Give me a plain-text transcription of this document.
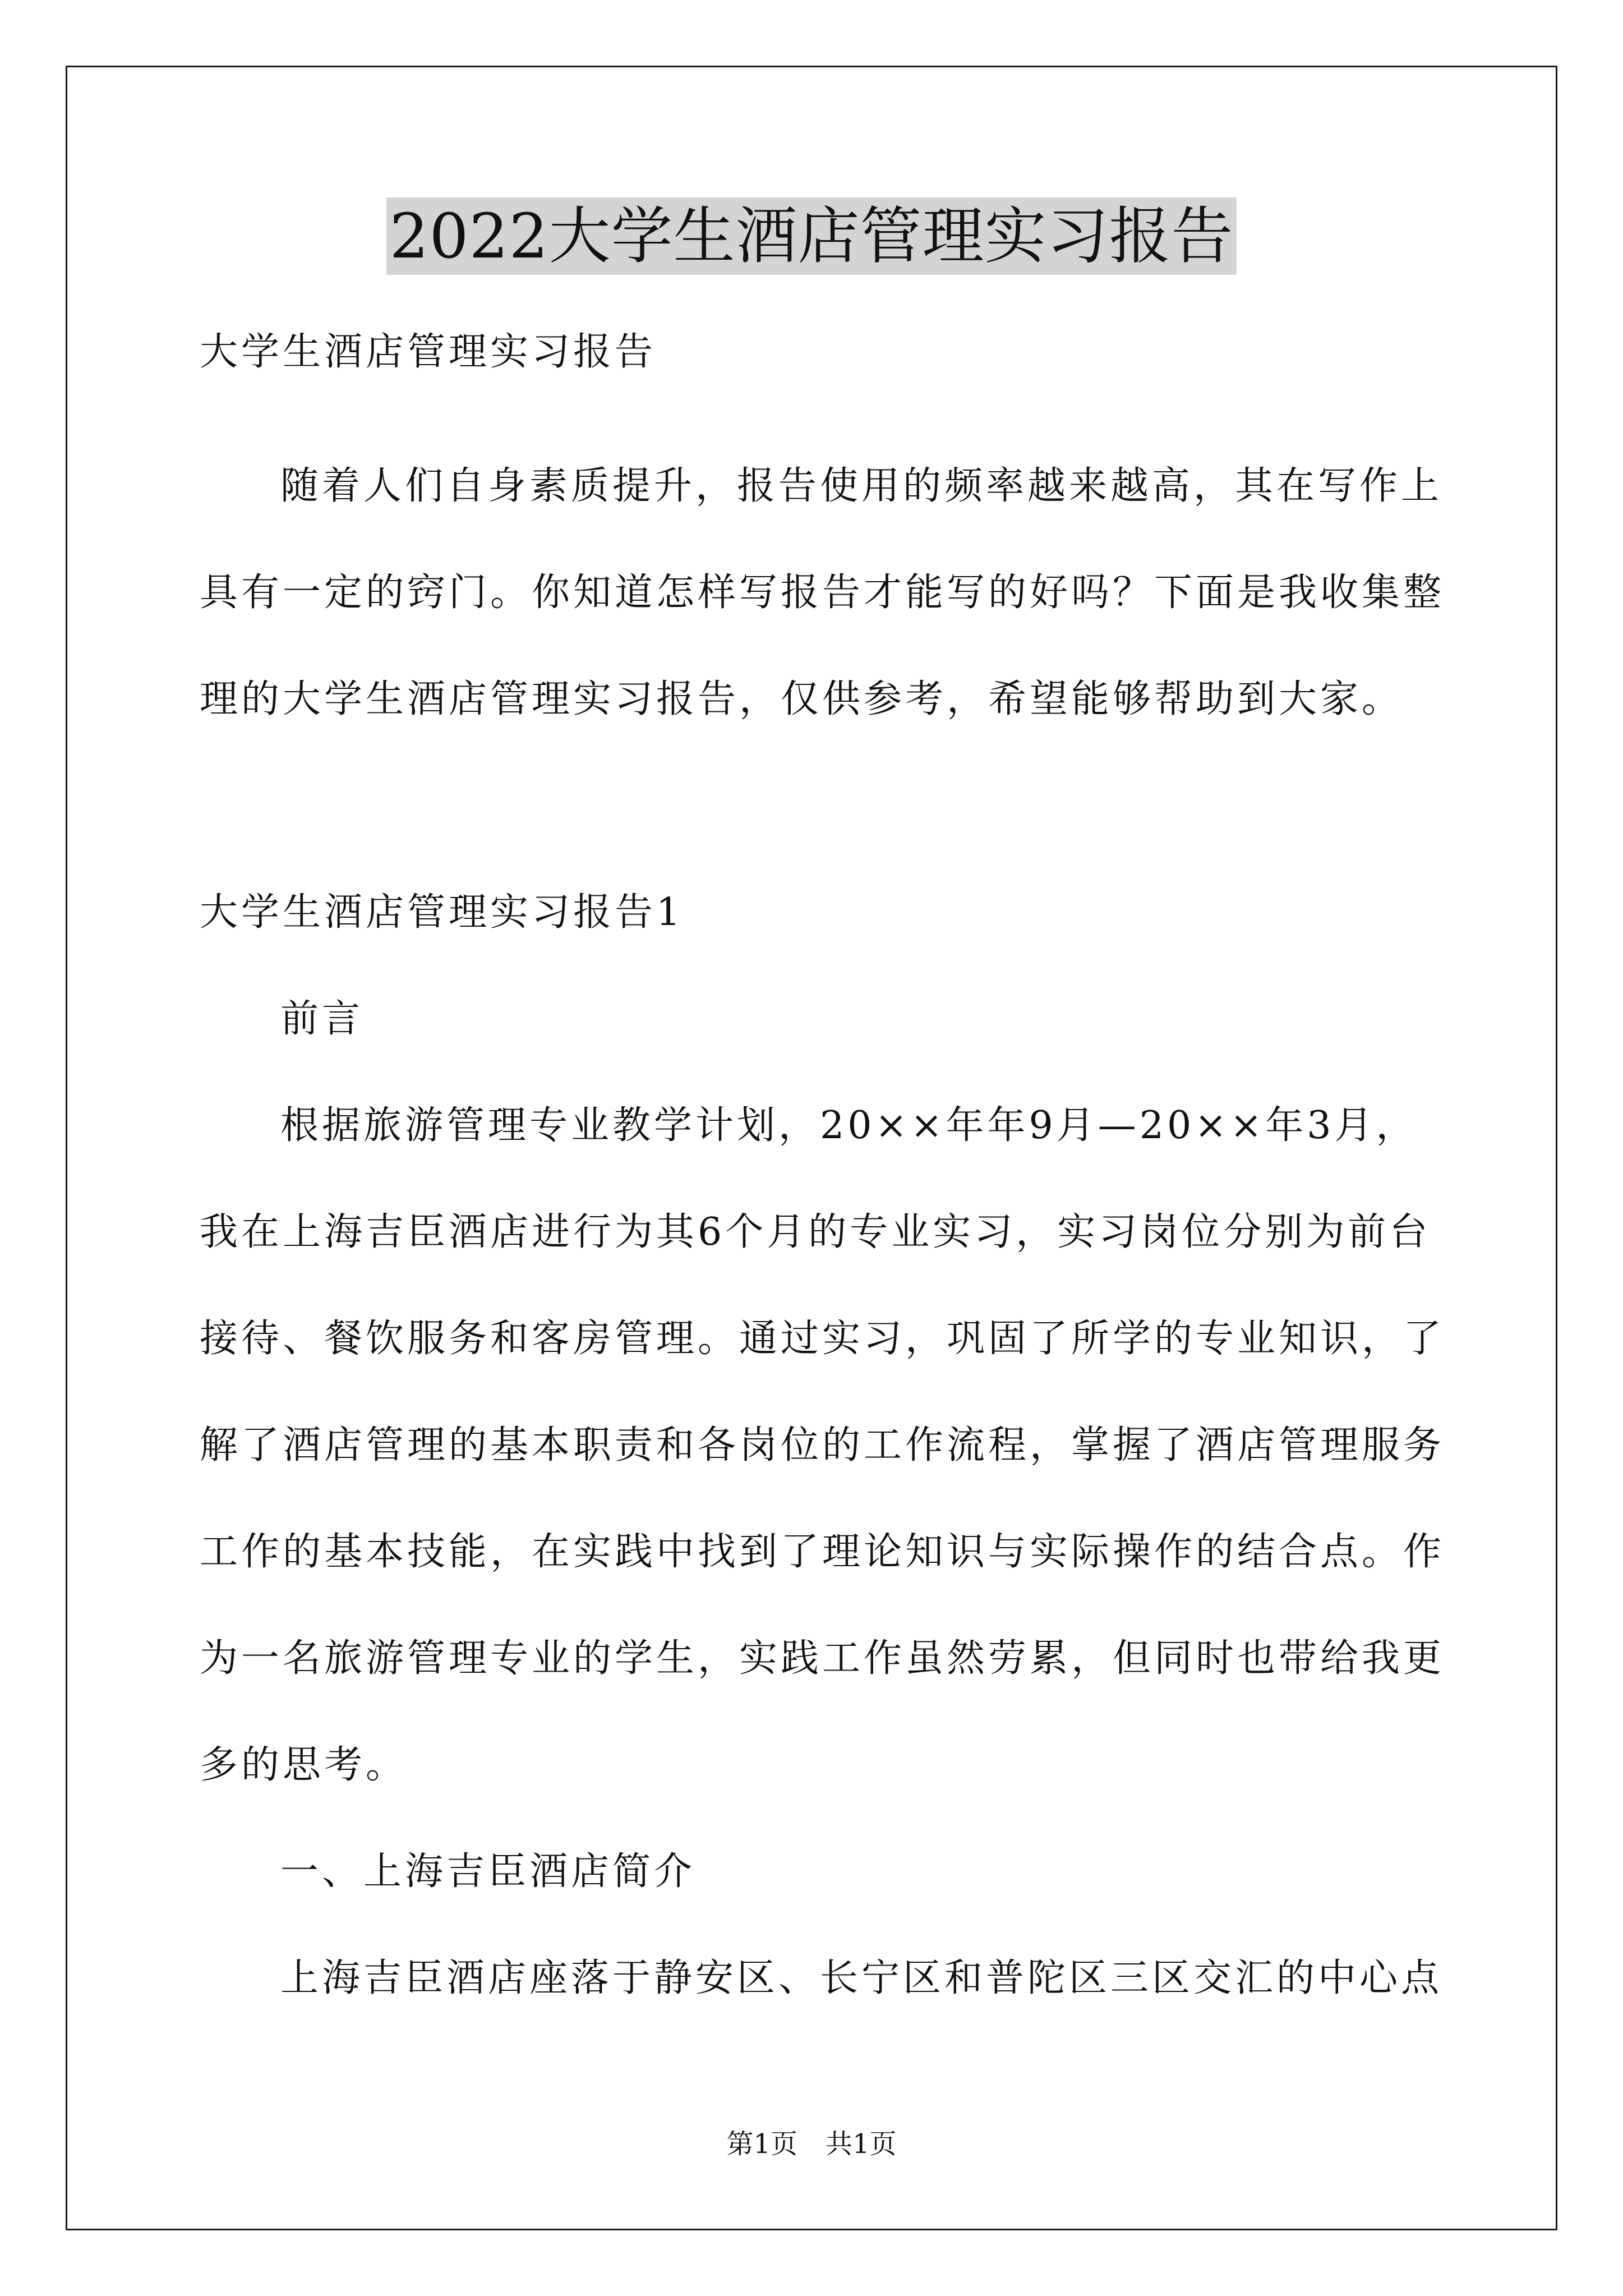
2022大学生酒店管理实习报告

大学生酒店管理实习报告

随着人们自身素质提升，报告使用的频率越来越高，其在写作上

具有一定的窍门。你知道怎样写报告才能写的好吗？下面是我收集整

理的大学生酒店管理实习报告，仅供参考，希望能够帮助到大家。

大学生酒店管理实习报告1

前言

根据旅游管理专业教学计划，20××年年9月—20××年3月，

我在上海吉臣酒店进行为其6个月的专业实习，实习岗位分别为前台

接待、餐饮服务和客房管理。通过实习，巩固了所学的专业知识，了

解了酒店管理的基本职责和各岗位的工作流程，掌握了酒店管理服务

工作的基本技能，在实践中找到了理论知识与实际操作的结合点。作

为一名旅游管理专业的学生，实践工作虽然劳累，但同时也带给我更

多的思考。

一、上海吉臣酒店简介

上海吉臣酒店座落于静安区、长宁区和普陀区三区交汇的中心点

第1页 共1页
